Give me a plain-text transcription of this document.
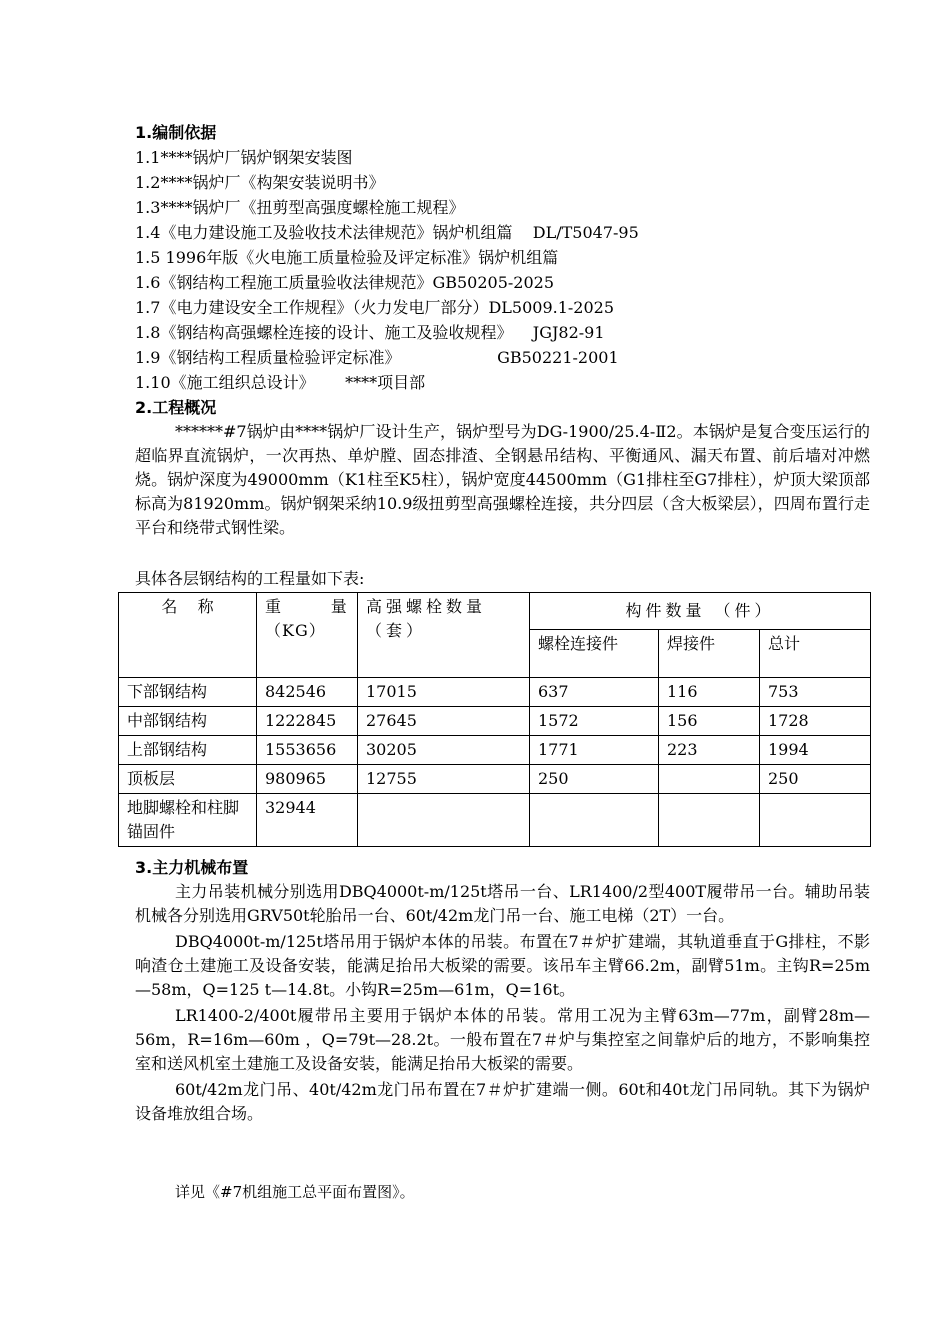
1.编制依据
1.1****锅炉厂锅炉钢架安装图
1.2****锅炉厂《构架安装说明书》
1.3****锅炉厂《扭剪型高强度螺栓施工规程》
1.4《电力建设施工及验收技术法律规范》锅炉机组篇    DL/T5047-95
1.5 1996年版《火电施工质量检验及评定标准》锅炉机组篇
1.6《钢结构工程施工质量验收法律规范》GB50205-2025
1.7《电力建设安全工作规程》（火力发电厂部分）DL5009.1-2025
1.8《钢结构高强螺栓连接的设计、施工及验收规程》    JGJ82-91
1.9《钢结构工程质量检验评定标准》                   GB50221-2001
1.10《施工组织总设计》      ****项目部
2.工程概况

******#7锅炉由****锅炉厂设计生产，锅炉型号为DG-1900/25.4-Ⅱ2。本锅炉是复合变压运行的超临界直流锅炉，一次再热、单炉膛、固态排渣、全钢悬吊结构、平衡通风、漏天布置、前后墙对冲燃烧。锅炉深度为49000mm（K1柱至K5柱），锅炉宽度44500mm（G1排柱至G7排柱），炉顶大梁顶部标高为81920mm。锅炉钢架采纳10.9级扭剪型高强螺栓连接，共分四层（含大板梁层），四周布置行走平台和绕带式钢性梁。

具体各层钢结构的工程量如下表:
名    称	重        量（KG）	高强螺栓数量（套）	构件数量 （件）		
			螺栓连接件	焊接件	总计
下部钢结构	842546	17015	637	116	753
中部钢结构	1222845	27645	1572	156	1728
上部钢结构	1553656	30205	1771	223	1994
顶板层	980965	12755	250		250
地脚螺栓和柱脚锚固件	32944				
3.主力机械布置

主力吊装机械分别选用DBQ4000t-m/125t塔吊一台、LR1400/2型400T履带吊一台。辅助吊装机械各分别选用GRV50t轮胎吊一台、60t/42m龙门吊一台、施工电梯（2T）一台。

DBQ4000t-m/125t塔吊用于锅炉本体的吊装。布置在7＃炉扩建端，其轨道垂直于G排柱，不影响渣仓土建施工及设备安装，能满足抬吊大板梁的需要。该吊车主臂66.2m，副臂51m。主钩R=25m—58m，Q=125 t—14.8t。小钩R=25m—61m，Q=16t。

LR1400-2/400t履带吊主要用于锅炉本体的吊装。常用工况为主臂63m—77m，副臂28m—56m，R=16m—60m ，Q=79t—28.2t。一般布置在7＃炉与集控室之间靠炉后的地方，不影响集控室和送风机室土建施工及设备安装，能满足抬吊大板梁的需要。

60t/42m龙门吊、40t/42m龙门吊布置在7＃炉扩建端一侧。60t和40t龙门吊同轨。其下为锅炉设备堆放组合场。

详见《#7机组施工总平面布置图》。
